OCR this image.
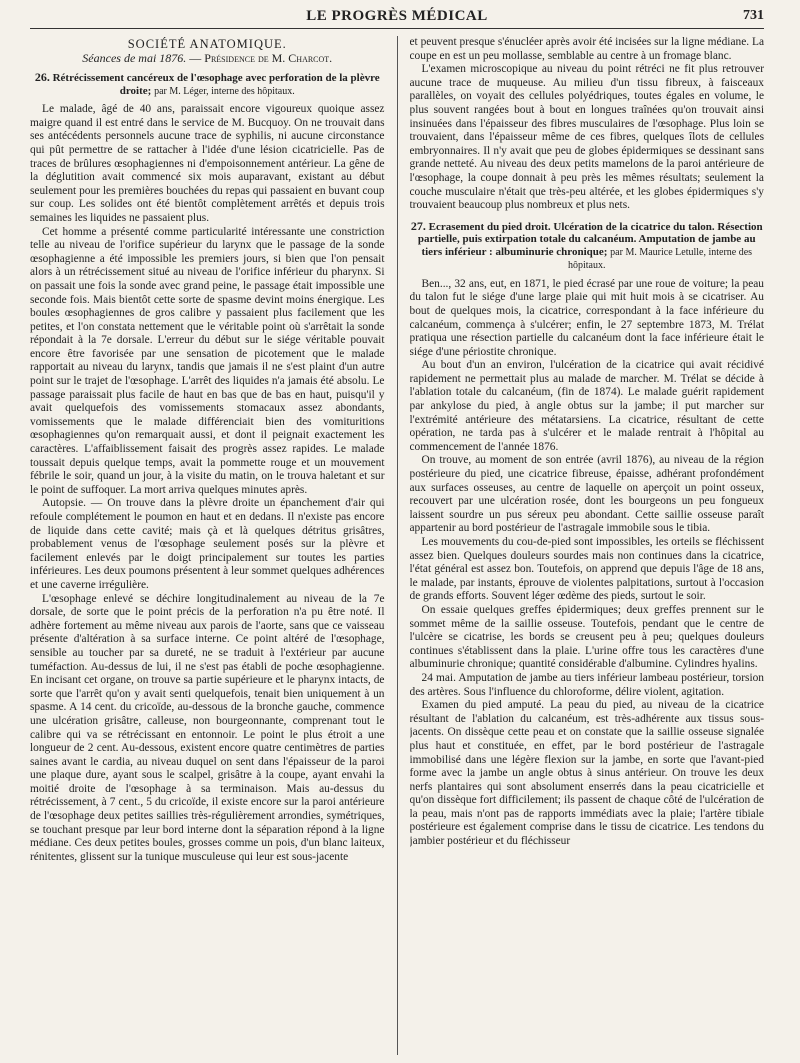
LE PROGRÈS MÉDICAL	731
SOCIÉTÉ ANATOMIQUE.
Séances de mai 1876. — Présidence de M. Charcot.
26. Rétrécissement cancéreux de l'œsophage avec perforation de la plèvre droite; par M. Léger, interne des hôpitaux.

Le malade, âgé de 40 ans, paraissait encore vigoureux quoique assez maigre quand il est entré dans le service de M. Bucquoy. On ne trouvait dans ses antécédents personnels aucune trace de syphilis, ni aucune circonstance qui pût permettre de se rattacher à l'idée d'une lésion cicatricielle. Pas de traces de brûlures œsophagiennes ni d'empoisonnement antérieur. La gêne de la déglutition avait commencé six mois auparavant, existant au début seulement pour les premières bouchées du repas qui passaient en buvant coup sur coup. Les solides ont été bientôt complètement arrêtés et depuis trois semaines les liquides ne passaient plus.

Cet homme a présenté comme particularité intéressante une constriction telle au niveau de l'orifice supérieur du larynx que le passage de la sonde œsophagienne a été impossible les premiers jours, si bien que l'on pensait alors à un rétrécissement situé au niveau de l'orifice inférieur du pharynx. Si on passait une fois la sonde avec grand peine, le passage était impossible une seconde fois. Mais bientôt cette sorte de spasme devint moins énergique. Les boules œsophagiennes de gros calibre y passaient plus facilement que les petites, et l'on constata nettement que le véritable point où s'arrêtait la sonde répondait à la 7e dorsale. L'erreur du début sur le siége véritable pouvait encore être favorisée par une sensation de picotement que le malade rapportait au niveau du larynx, tandis que jamais il ne s'est plaint d'un autre point sur le trajet de l'œsophage. L'arrêt des liquides n'a jamais été absolu. Le passage paraissait plus facile de haut en bas que de bas en haut, puisqu'il y avait quelquefois des vomissements stomacaux assez abondants, vomissements que le malade différenciait bien des vomituritions œsophagiennes qu'on remarquait aussi, et dont il peignait exactement les caractères. L'affaiblissement faisait des progrès assez rapides. Le malade toussait depuis quelque temps, avait la pommette rouge et un mouvement fébrile le soir, quand un jour, à la visite du matin, on le trouva haletant et sur le point de suffoquer. La mort arriva quelques minutes après.

Autopsie. — On trouve dans la plèvre droite un épanchement d'air qui refoule complétement le poumon en haut et en dedans. Il n'existe pas encore de liquide dans cette cavité; mais çà et là quelques détritus grisâtres, probablement venus de l'œsophage seulement posés sur la plèvre et facilement enlevés par le doigt principalement sur toutes les parties inférieures. Les deux poumons présentent à leur sommet quelques adhérences et une caverne irrégulière.

L'œsophage enlevé se déchire longitudinalement au niveau de la 7e dorsale, de sorte que le point précis de la perforation n'a pu être noté. Il adhère fortement au même niveau aux parois de l'aorte, sans que ce vaisseau présente d'altération à sa surface interne. Ce point altéré de l'œsophage, sensible au toucher par sa dureté, ne se traduit à l'extérieur par aucune tuméfaction. Au-dessus de lui, il ne s'est pas établi de poche œsophagienne. En incisant cet organe, on trouve sa partie supérieure et le pharynx intacts, de sorte que l'arrêt qu'on y avait senti quelquefois, tenait bien uniquement à un spasme. A 14 cent. du cricoïde, au-dessous de la bronche gauche, commence une ulcération grisâtre, calleuse, non bourgeonnante, comprenant tout le calibre qui va se rétrécissant en entonnoir. Le point le plus étroit a une longueur de 2 cent. Au-dessous, existent encore quatre centimètres de parties saines avant le cardia, au niveau duquel on sent dans l'épaisseur de la paroi une plaque dure, ayant sous le scalpel, grisâtre à la coupe, ayant envahi la moitié droite de l'œsophage à sa terminaison. Mais au-dessus du rétrécissement, à 7 cent., 5 du cricoïde, il existe encore sur la paroi antérieure de l'œsophage deux petites saillies très-régulièrement arrondies, symétriques, se touchant presque par leur bord interne dont la séparation répond à la ligne médiane. Ces deux petites boules, grosses comme un pois, d'un blanc laiteux, rénitentes, glissent sur la tunique musculeuse qui leur est sous-jacente

et peuvent presque s'énucléer après avoir été incisées sur la ligne médiane. La coupe en est un peu mollasse, semblable au centre à un fromage blanc.

L'examen microscopique au niveau du point rétréci ne fit plus retrouver aucune trace de muqueuse. Au milieu d'un tissu fibreux, à faisceaux parallèles, on voyait des cellules polyédriques, toutes égales en volume, le plus souvent rangées bout à bout en longues traînées qu'on trouvait ainsi insinuées dans l'épaisseur des fibres musculaires de l'œsophage. Plus loin se trouvaient, dans l'épaisseur même de ces fibres, quelques îlots de cellules embryonnaires. Il n'y avait que peu de globes épidermiques se dessinant sans grande netteté. Au niveau des deux petits mamelons de la paroi antérieure de l'œsophage, la coupe donnait à peu près les mêmes résultats; seulement la couche musculaire n'était que très-peu altérée, et les globes épidermiques s'y trouvaient beaucoup plus nombreux et plus nets.

27. Ecrasement du pied droit. Ulcération de la cicatrice du talon. Résection partielle, puis extirpation totale du calcanéum. Amputation de jambe au tiers inférieur : albuminurie chronique; par M. Maurice Letulle, interne des hôpitaux.

Ben..., 32 ans, eut, en 1871, le pied écrasé par une roue de voiture; la peau du talon fut le siége d'une large plaie qui mit huit mois à se cicatriser. Au bout de quelques mois, la cicatrice, correspondant à la face inférieure du calcanéum, commença à s'ulcérer; enfin, le 27 septembre 1873, M. Trélat pratiqua une résection partielle du calcanéum dont la face inférieure était le siége d'une périostite chronique.

Au bout d'un an environ, l'ulcération de la cicatrice qui avait récidivé rapidement ne permettait plus au malade de marcher. M. Trélat se décide à l'ablation totale du calcanéum, (fin de 1874). Le malade guérit rapidement par ankylose du pied, à angle obtus sur la jambe; il put marcher sur l'extrémité antérieure des métatarsiens. La cicatrice, résultant de cette opération, ne tarda pas à s'ulcérer et le malade rentrait à l'hôpital au commencement de l'année 1876.

On trouve, au moment de son entrée (avril 1876), au niveau de la région postérieure du pied, une cicatrice fibreuse, épaisse, adhérant profondément aux surfaces osseuses, au centre de laquelle on aperçoit un point osseux, recouvert par une ulcération rosée, dont les bourgeons un peu fongueux laissent sourdre un pus séreux peu abondant. Cette saillie osseuse paraît appartenir au bord postérieur de l'astragale immobile sous le tibia.

Les mouvements du cou-de-pied sont impossibles, les orteils se fléchissent assez bien. Quelques douleurs sourdes mais non continues dans la cicatrice, l'état général est assez bon. Toutefois, on apprend que depuis l'âge de 18 ans, le malade, par instants, éprouve de violentes palpitations, surtout à l'occasion de grands efforts. Souvent léger œdème des pieds, surtout le soir.

On essaie quelques greffes épidermiques; deux greffes prennent sur le sommet même de la saillie osseuse. Toutefois, pendant que le centre de l'ulcère se cicatrise, les bords se creusent peu à peu; quelques douleurs continues s'établissent dans la plaie. L'urine offre tous les caractères d'une albuminurie chronique; quantité considérable d'albumine. Cylindres hyalins.

24 mai. Amputation de jambe au tiers inférieur lambeau postérieur, torsion des artères. Sous l'influence du chloroforme, délire violent, agitation.

Examen du pied amputé. La peau du pied, au niveau de la cicatrice résultant de l'ablation du calcanéum, est très-adhérente aux tissus sous-jacents. On dissèque cette peau et on constate que la saillie osseuse signalée plus haut et constituée, en effet, par le bord postérieur de l'astragale immobilisé dans une légère flexion sur la jambe, en sorte que l'avant-pied forme avec la jambe un angle obtus à sinus antérieur. On trouve les deux nerfs plantaires qui sont absolument enserrés dans la peau cicatricielle et qu'on dissèque fort difficilement; ils passent de chaque côté de l'ulcération de la peau, mais n'ont pas de rapports immédiats avec la plaie; l'artère tibiale postérieure est également comprise dans le tissu de cicatrice. Les tendons du jambier postérieur et du fléchisseur
